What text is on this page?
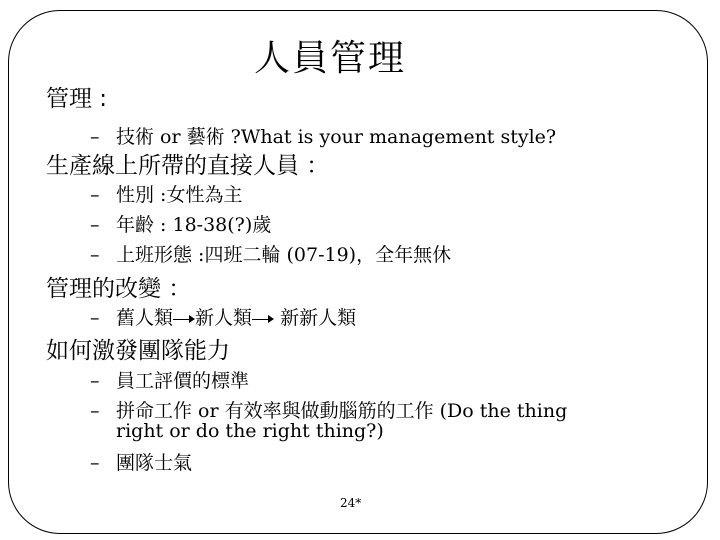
人員管理
管理 :
– 技術 or 藝術 ?What is your management style?
生產線上所帶的直接人員 ：
– 性別 :女性為主
– 年齡 : 18-38(?)歲
– 上班形態 :四班二輪 (07-19)，全年無休
管理的改變 ：
– 舊人類 新人類 新新人類
如何激發團隊能力
– 員工評價的標準
– 拼命工作 or 有效率與做動腦筋的工作 (Do the thing
right or do the right thing?)
– 團隊士氣
24*
